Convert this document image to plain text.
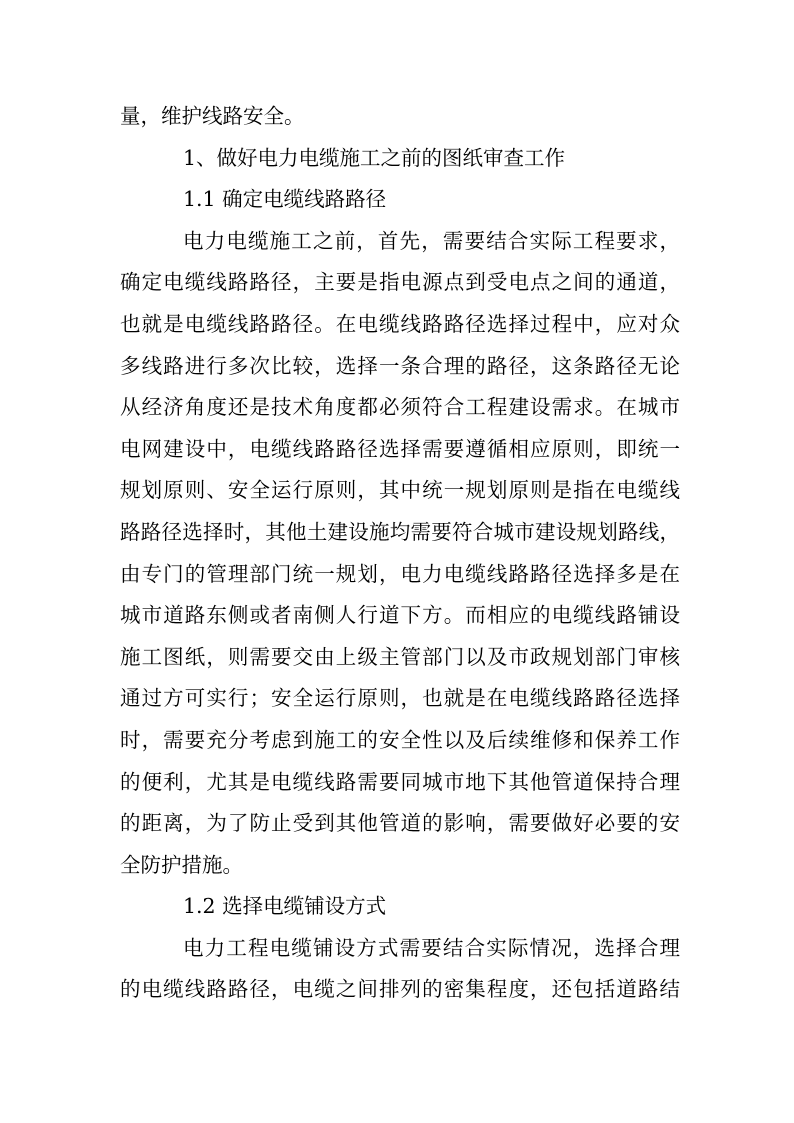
量，维护线路安全。
1、做好电力电缆施工之前的图纸审查工作
1.1 确定电缆线路路径
电力电缆施工之前，首先，需要结合实际工程要求，
确定电缆线路路径，主要是指电源点到受电点之间的通道，
也就是电缆线路路径。在电缆线路路径选择过程中，应对众
多线路进行多次比较，选择一条合理的路径，这条路径无论
从经济角度还是技术角度都必须符合工程建设需求。在城市
电网建设中，电缆线路路径选择需要遵循相应原则，即统一
规划原则、安全运行原则，其中统一规划原则是指在电缆线
路路径选择时，其他土建设施均需要符合城市建设规划路线，
由专门的管理部门统一规划，电力电缆线路路径选择多是在
城市道路东侧或者南侧人行道下方。而相应的电缆线路铺设
施工图纸，则需要交由上级主管部门以及市政规划部门审核
通过方可实行；安全运行原则，也就是在电缆线路路径选择
时，需要充分考虑到施工的安全性以及后续维修和保养工作
的便利，尤其是电缆线路需要同城市地下其他管道保持合理
的距离，为了防止受到其他管道的影响，需要做好必要的安
全防护措施。
1.2 选择电缆铺设方式
电力工程电缆铺设方式需要结合实际情况，选择合理
的电缆线路路径，电缆之间排列的密集程度，还包括道路结
